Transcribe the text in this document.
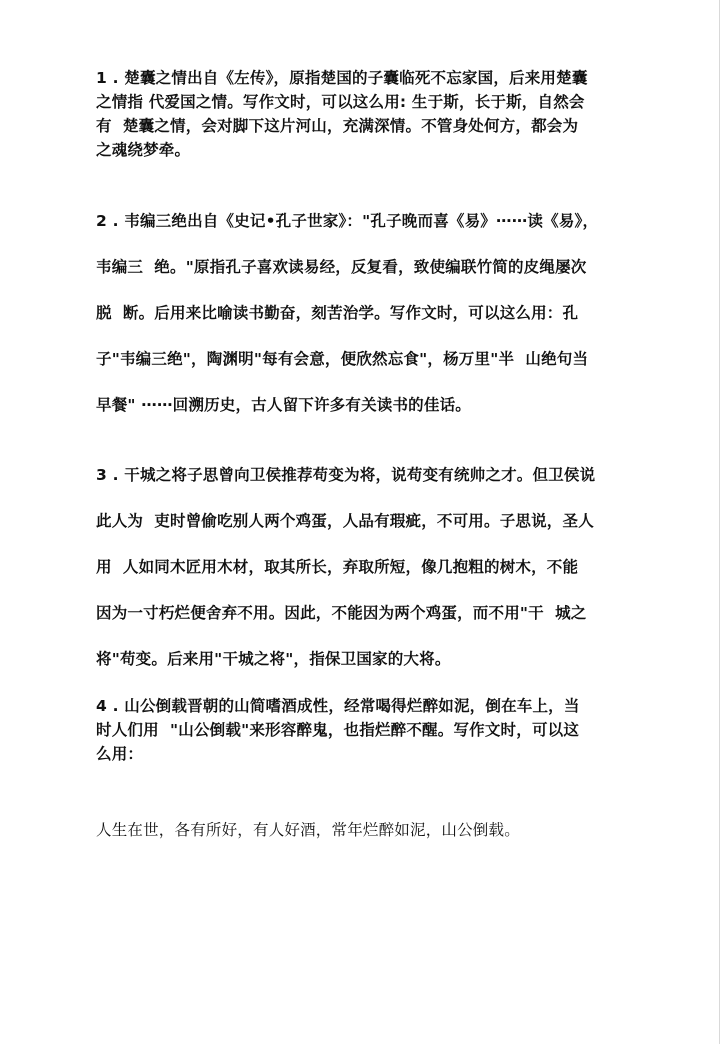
1 . 楚囊之情出自《左传》，原指楚国的子囊临死不忘家国，后来用楚囊

之情指 代爱国之情。写作文时，可以这么用: 生于斯，长于斯，自然会

有  楚囊之情，会对脚下这片河山，充满深情。不管身处何方，都会为

之魂绕梦牵。

2 . 韦编三绝出自《史记•孔子世家》："孔子晚而喜《易》⋯⋯读《易》，

韦编三  绝。"原指孔子喜欢读易经，反复看，致使编联竹简的皮绳屡次

脱  断。后用来比喻读书勤奋，刻苦治学。写作文时，可以这么用：孔

子"韦编三绝"，陶渊明"每有会意，便欣然忘食"，杨万里"半  山绝句当

早餐" ⋯⋯回溯历史，古人留下许多有关读书的佳话。

3 . 干城之将子思曾向卫侯推荐苟变为将，说苟变有统帅之才。但卫侯说

此人为  吏时曾偷吃别人两个鸡蛋，人品有瑕疵，不可用。子思说，圣人

用  人如同木匠用木材，取其所长，弃取所短，像几抱粗的树木，不能

因为一寸朽烂便舍弃不用。因此，不能因为两个鸡蛋，而不用"干  城之

将"苟变。后来用"干城之将"，指保卫国家的大将。

4 . 山公倒载晋朝的山简嗜酒成性，经常喝得烂醉如泥，倒在车上，当

时人们用  "山公倒载"来形容醉鬼，也指烂醉不醒。写作文时，可以这

么用：

人生在世，各有所好，有人好酒，常年烂醉如泥，山公倒载。
